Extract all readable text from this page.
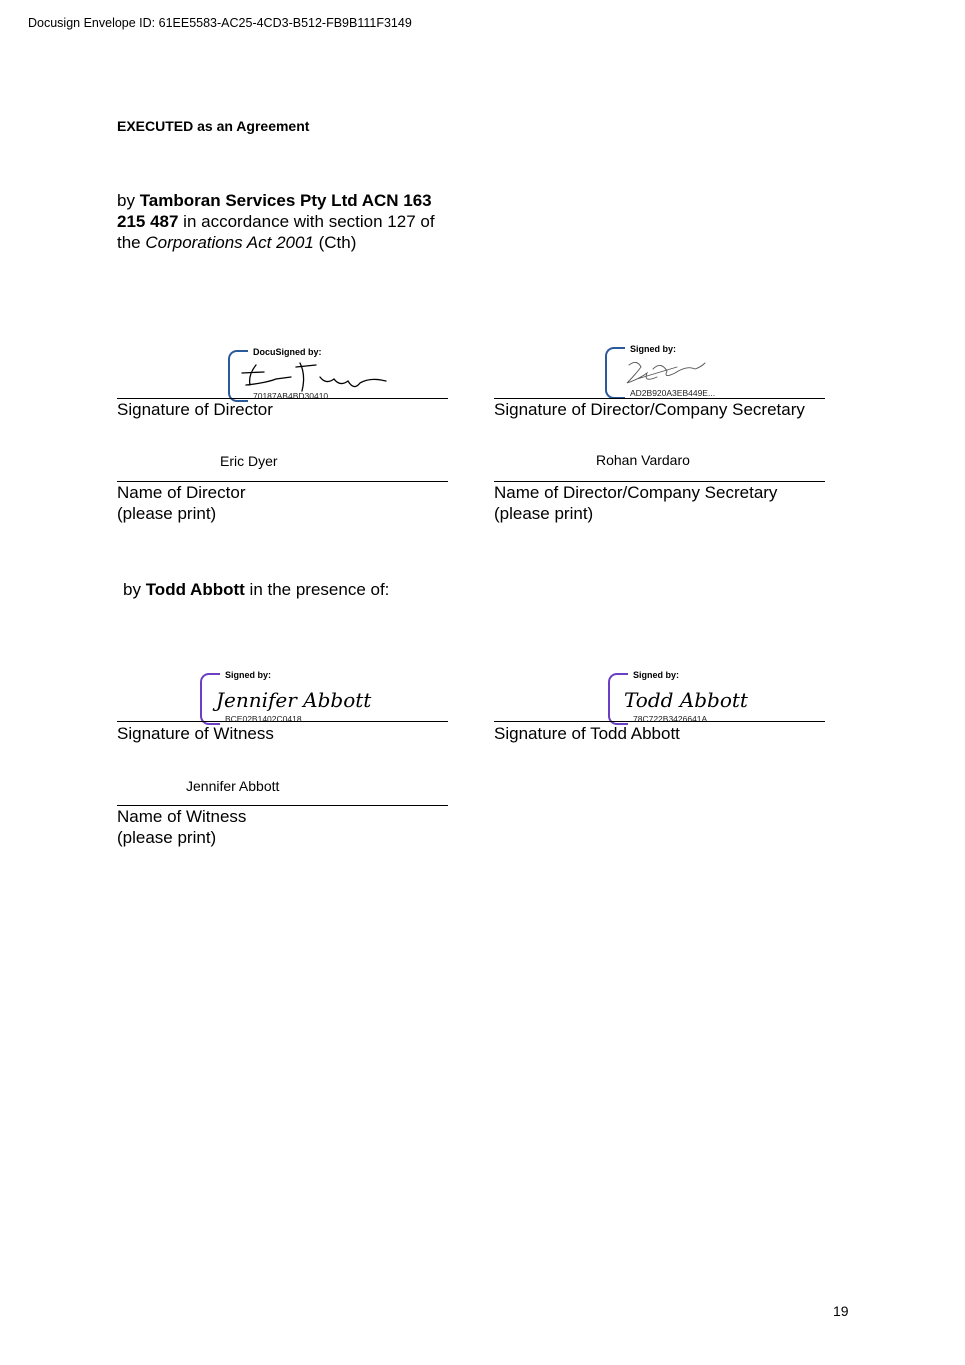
Docusign Envelope ID: 61EE5583-AC25-4CD3-B512-FB9B111F3149
EXECUTED as an Agreement
by Tamboran Services Pty Ltd ACN 163 215 487 in accordance with section 127 of the Corporations Act 2001 (Cth)
DocuSigned by:
70187AB4BD30410...
Signature of Director
Signed by:
AD2B920A3EB449E...
Signature of Director/Company Secretary
Eric Dyer
Name of Director
(please print)
Rohan Vardaro
Name of Director/Company Secretary
(please print)
by Todd Abbott in the presence of:
Signed by:
Jennifer Abbott
BCE02B1402C0418...
Signature of Witness
Signed by:
Todd Abbott
78C722B3426641A...
Signature of Todd Abbott
Jennifer Abbott
Name of Witness
(please print)
19
